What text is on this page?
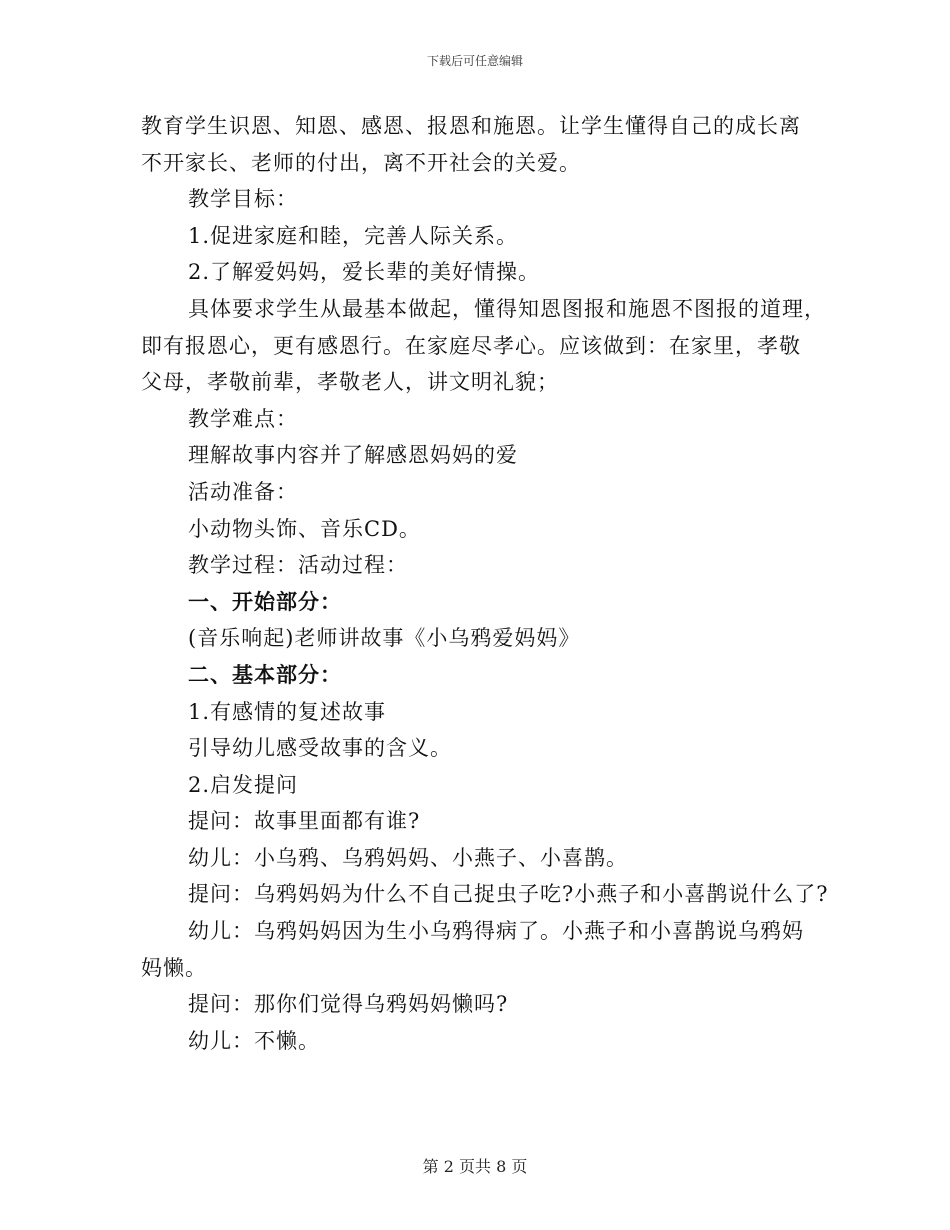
下载后可任意编辑

教育学生识恩、知恩、感恩、报恩和施恩。让学生懂得自己的成长离

不开家长、老师的付出，离不开社会的关爱。

教学目标：

1.促进家庭和睦，完善人际关系。

2.了解爱妈妈，爱长辈的美好情操。

具体要求学生从最基本做起，懂得知恩图报和施恩不图报的道理，

即有报恩心，更有感恩行。在家庭尽孝心。应该做到：在家里，孝敬

父母，孝敬前辈，孝敬老人，讲文明礼貌；

教学难点：

理解故事内容并了解感恩妈妈的爱

活动准备：

小动物头饰、音乐CD。

教学过程：活动过程：

一、开始部分：

(音乐响起)老师讲故事《小乌鸦爱妈妈》

二、基本部分：

1.有感情的复述故事

引导幼儿感受故事的含义。

2.启发提问

提问：故事里面都有谁?

幼儿：小乌鸦、乌鸦妈妈、小燕子、小喜鹊。

提问：乌鸦妈妈为什么不自己捉虫子吃?小燕子和小喜鹊说什么了?

幼儿：乌鸦妈妈因为生小乌鸦得病了。小燕子和小喜鹊说乌鸦妈

妈懒。

提问：那你们觉得乌鸦妈妈懒吗?

幼儿：不懒。

第 2 页共 8 页
